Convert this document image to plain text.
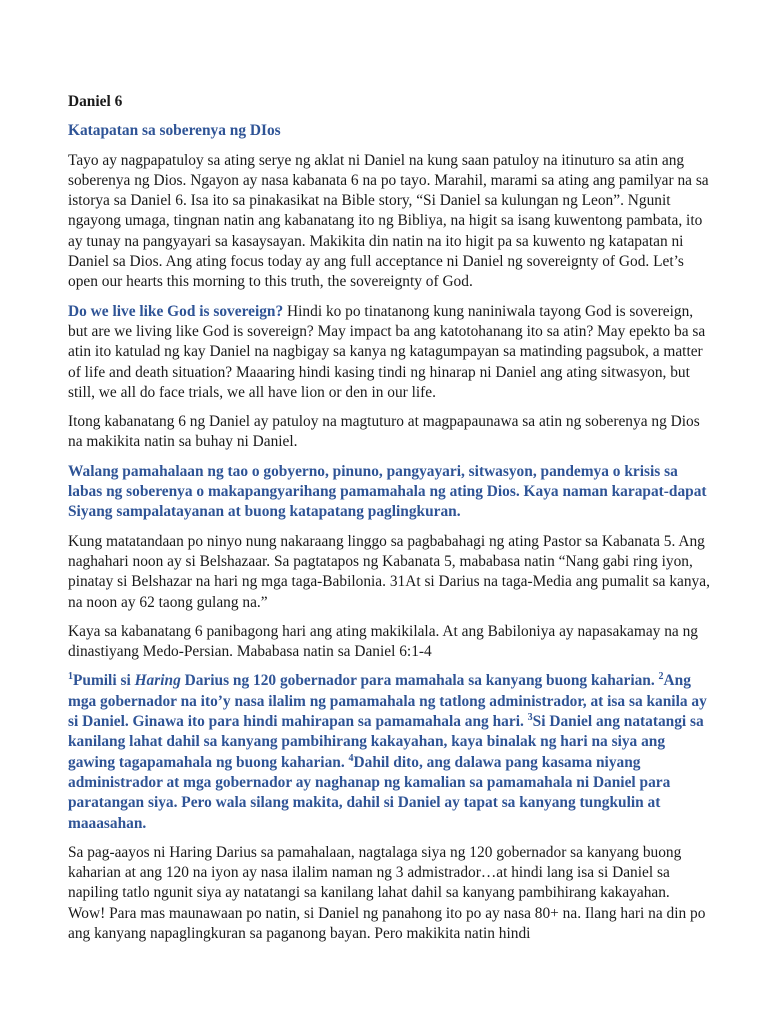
Daniel 6
Katapatan sa soberenya ng DIos

Tayo ay nagpapatuloy sa ating serye ng aklat ni Daniel na kung saan patuloy na itinuturo sa atin ang soberenya ng Dios. Ngayon ay nasa kabanata 6 na po tayo. Marahil, marami sa ating ang pamilyar na sa istorya sa Daniel 6. Isa ito sa pinakasikat na Bible story, “Si Daniel sa kulungan ng Leon”. Ngunit ngayong umaga, tingnan natin ang kabanatang ito ng Bibliya, na higit sa isang kuwentong pambata, ito ay tunay na pangyayari sa kasaysayan. Makikita din natin na ito higit pa sa kuwento ng katapatan ni Daniel sa Dios. Ang ating focus today ay ang full acceptance ni Daniel ng sovereignty of God. Let’s open our hearts this morning to this truth, the sovereignty of God.

Do we live like God is sovereign? Hindi ko po tinatanong kung naniniwala tayong God is sovereign, but are we living like God is sovereign? May impact ba ang katotohanang ito sa atin? May epekto ba sa atin ito katulad ng kay Daniel na nagbigay sa kanya ng katagumpayan sa matinding pagsubok, a matter of life and death situation? Maaaring hindi kasing tindi ng hinarap ni Daniel ang ating sitwasyon, but still, we all do face trials, we all have lion or den in our life.

Itong kabanatang 6 ng Daniel ay patuloy na magtuturo at magpapaunawa sa atin ng soberenya ng Dios na makikita natin sa buhay ni Daniel.

Walang pamahalaan ng tao o gobyerno, pinuno, pangyayari, sitwasyon, pandemya o krisis sa labas ng soberenya o makapangyarihang pamamahala ng ating Dios. Kaya naman karapat-dapat Siyang sampalatayanan at buong katapatang paglingkuran.

Kung matatandaan po ninyo nung nakaraang linggo sa pagbabahagi ng ating Pastor sa Kabanata 5. Ang naghahari noon ay si Belshazaar. Sa pagtatapos ng Kabanata 5, mababasa natin “Nang gabi ring iyon, pinatay si Belshazar na hari ng mga taga-Babilonia. 31At si Darius na taga-Media ang pumalit sa kanya, na noon ay 62 taong gulang na.”

Kaya sa kabanatang 6 panibagong hari ang ating makikilala. At ang Babiloniya ay napasakamay na ng dinastiyang Medo-Persian. Mababasa natin sa Daniel 6:1-4

$^1$Pumili si Haring Darius ng 120 gobernador para mamahala sa kanyang buong kaharian. $^2$Ang mga gobernador na ito’y nasa ilalim ng pamamahala ng tatlong administrador, at isa sa kanila ay si Daniel. Ginawa ito para hindi mahirapan sa pamamahala ang hari. $^3$Si Daniel ang natatangi sa kanilang lahat dahil sa kanyang pambihirang kakayahan, kaya binalak ng hari na siya ang gawing tagapamahala ng buong kaharian. $^4$Dahil dito, ang dalawa pang kasama niyang administrador at mga gobernador ay naghanap ng kamalian sa pamamahala ni Daniel para paratangan siya. Pero wala silang makita, dahil si Daniel ay tapat sa kanyang tungkulin at maaasahan.

Sa pag-aayos ni Haring Darius sa pamahalaan, nagtalaga siya ng 120 gobernador sa kanyang buong kaharian at ang 120 na iyon ay nasa ilalim naman ng 3 admistrador…at hindi lang isa si Daniel sa napiling tatlo ngunit siya ay natatangi sa kanilang lahat dahil sa kanyang pambihirang kakayahan. Wow! Para mas maunawaan po natin, si Daniel ng panahong ito po ay nasa 80+ na. Ilang hari na din po ang kanyang napaglingkuran sa paganong bayan. Pero makikita natin hindi
